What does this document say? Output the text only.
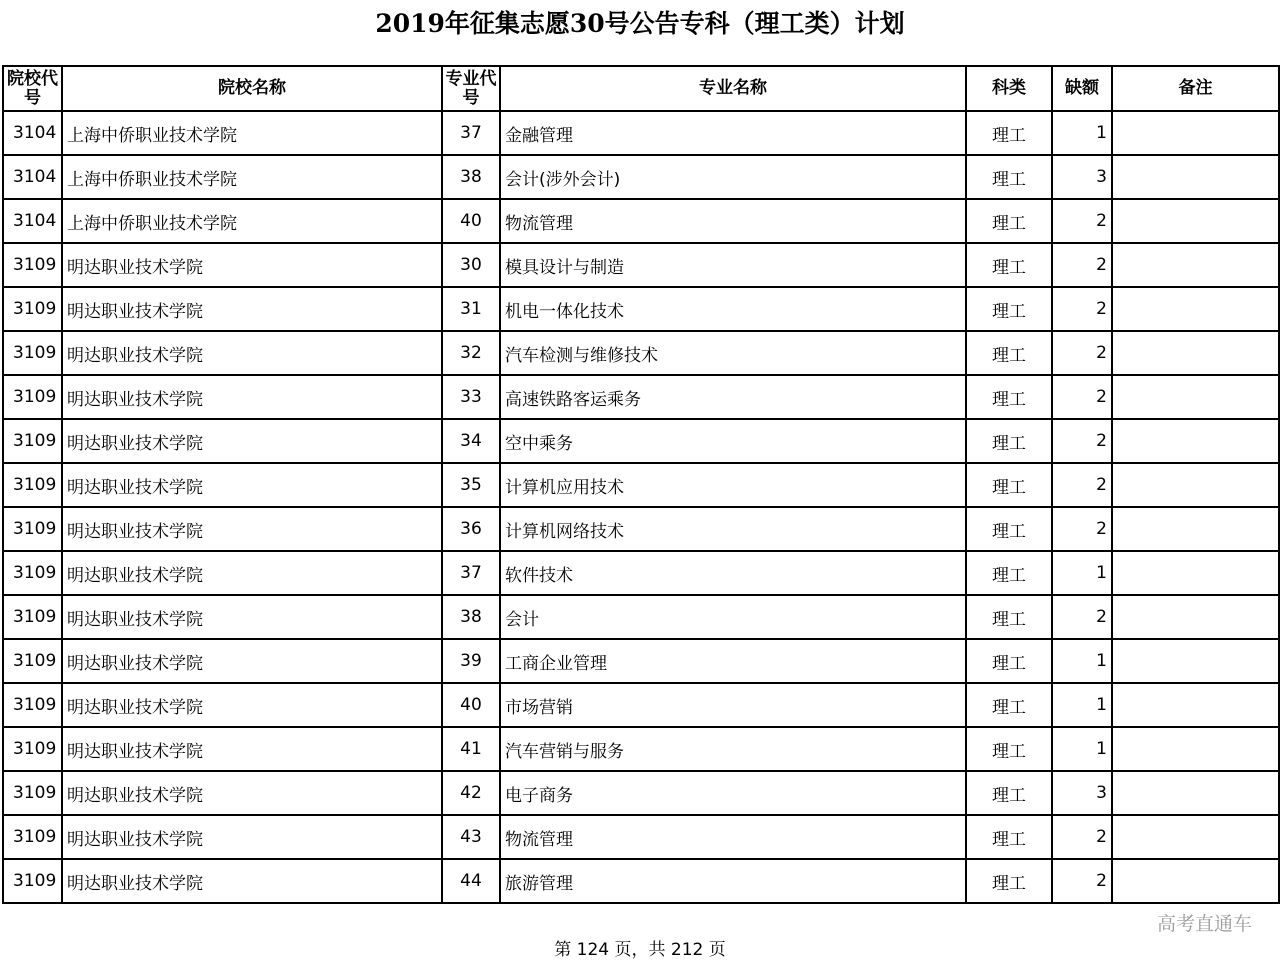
2019年征集志愿30号公告专科（理工类）计划
院校代号	院校名称	专业代号	专业名称	科类	缺额	备注
3104	上海中侨职业技术学院	37	金融管理	理工	1	
3104	上海中侨职业技术学院	38	会计(涉外会计)	理工	3	
3104	上海中侨职业技术学院	40	物流管理	理工	2	
3109	明达职业技术学院	30	模具设计与制造	理工	2	
3109	明达职业技术学院	31	机电一体化技术	理工	2	
3109	明达职业技术学院	32	汽车检测与维修技术	理工	2	
3109	明达职业技术学院	33	高速铁路客运乘务	理工	2	
3109	明达职业技术学院	34	空中乘务	理工	2	
3109	明达职业技术学院	35	计算机应用技术	理工	2	
3109	明达职业技术学院	36	计算机网络技术	理工	2	
3109	明达职业技术学院	37	软件技术	理工	1	
3109	明达职业技术学院	38	会计	理工	2	
3109	明达职业技术学院	39	工商企业管理	理工	1	
3109	明达职业技术学院	40	市场营销	理工	1	
3109	明达职业技术学院	41	汽车营销与服务	理工	1	
3109	明达职业技术学院	42	电子商务	理工	3	
3109	明达职业技术学院	43	物流管理	理工	2	
3109	明达职业技术学院	44	旅游管理	理工	2	
高考直通车
第 124 页，共 212 页
